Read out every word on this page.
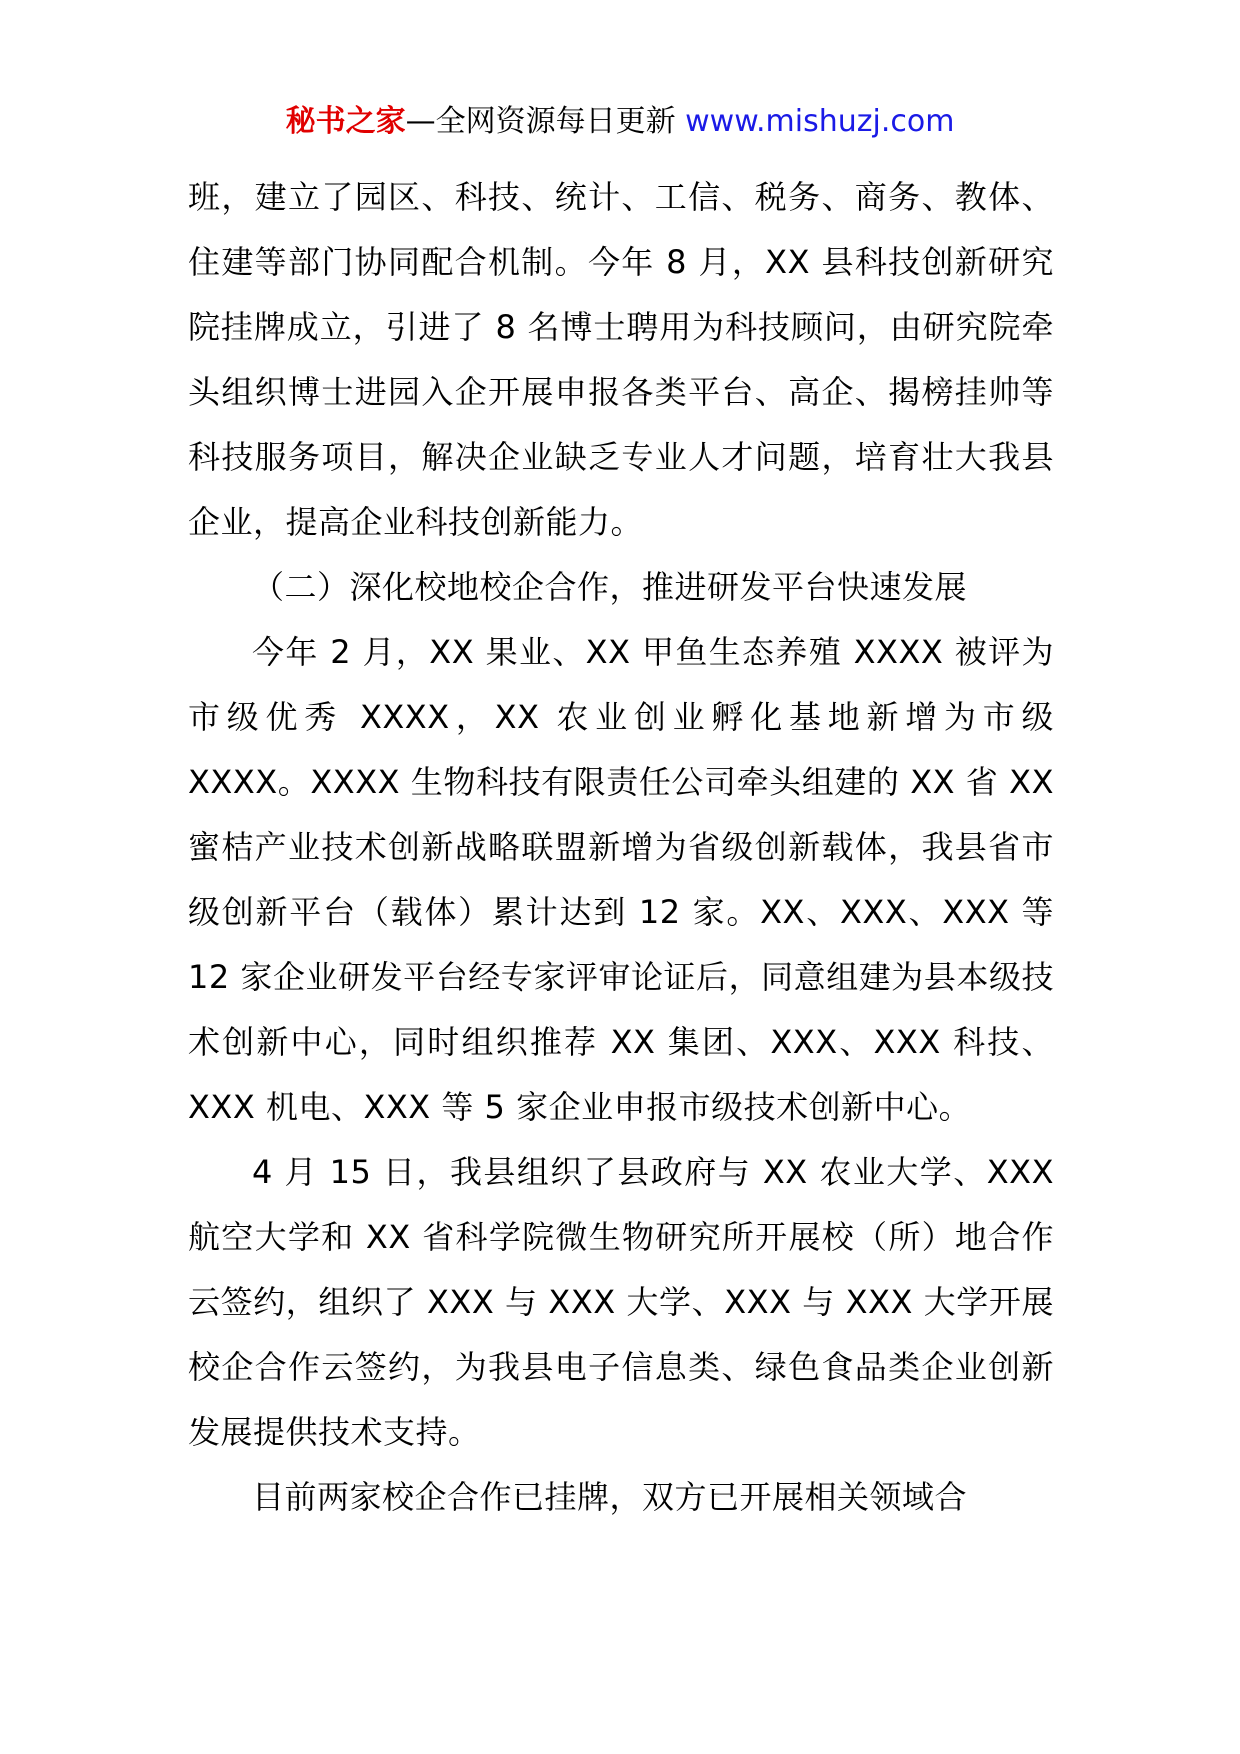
秘书之家—全网资源每日更新 www.mishuzj.com

班，建立了园区、科技、统计、工信、税务、商务、教体、住建等部门协同配合机制。今年 8 月，XX 县科技创新研究院挂牌成立，引进了 8 名博士聘用为科技顾问，由研究院牵头组织博士进园入企开展申报各类平台、高企、揭榜挂帅等科技服务项目，解决企业缺乏专业人才问题，培育壮大我县企业，提高企业科技创新能力。

（二）深化校地校企合作，推进研发平台快速发展

今年 2 月，XX 果业、XX 甲鱼生态养殖 XXXX 被评为市级优秀 XXXX，XX 农业创业孵化基地新增为市级 XXXX。XXXX 生物科技有限责任公司牵头组建的 XX 省 XX 蜜桔产业技术创新战略联盟新增为省级创新载体，我县省市级创新平台（载体）累计达到 12 家。XX、XXX、XXX 等 12 家企业研发平台经专家评审论证后，同意组建为县本级技术创新中心，同时组织推荐 XX 集团、XXX、XXX 科技、XXX 机电、XXX 等 5 家企业申报市级技术创新中心。

4 月 15 日，我县组织了县政府与 XX 农业大学、XXX 航空大学和 XX 省科学院微生物研究所开展校（所）地合作云签约，组织了 XXX 与 XXX 大学、XXX 与 XXX 大学开展校企合作云签约，为我县电子信息类、绿色食品类企业创新发展提供技术支持。

目前两家校企合作已挂牌，双方已开展相关领域合
